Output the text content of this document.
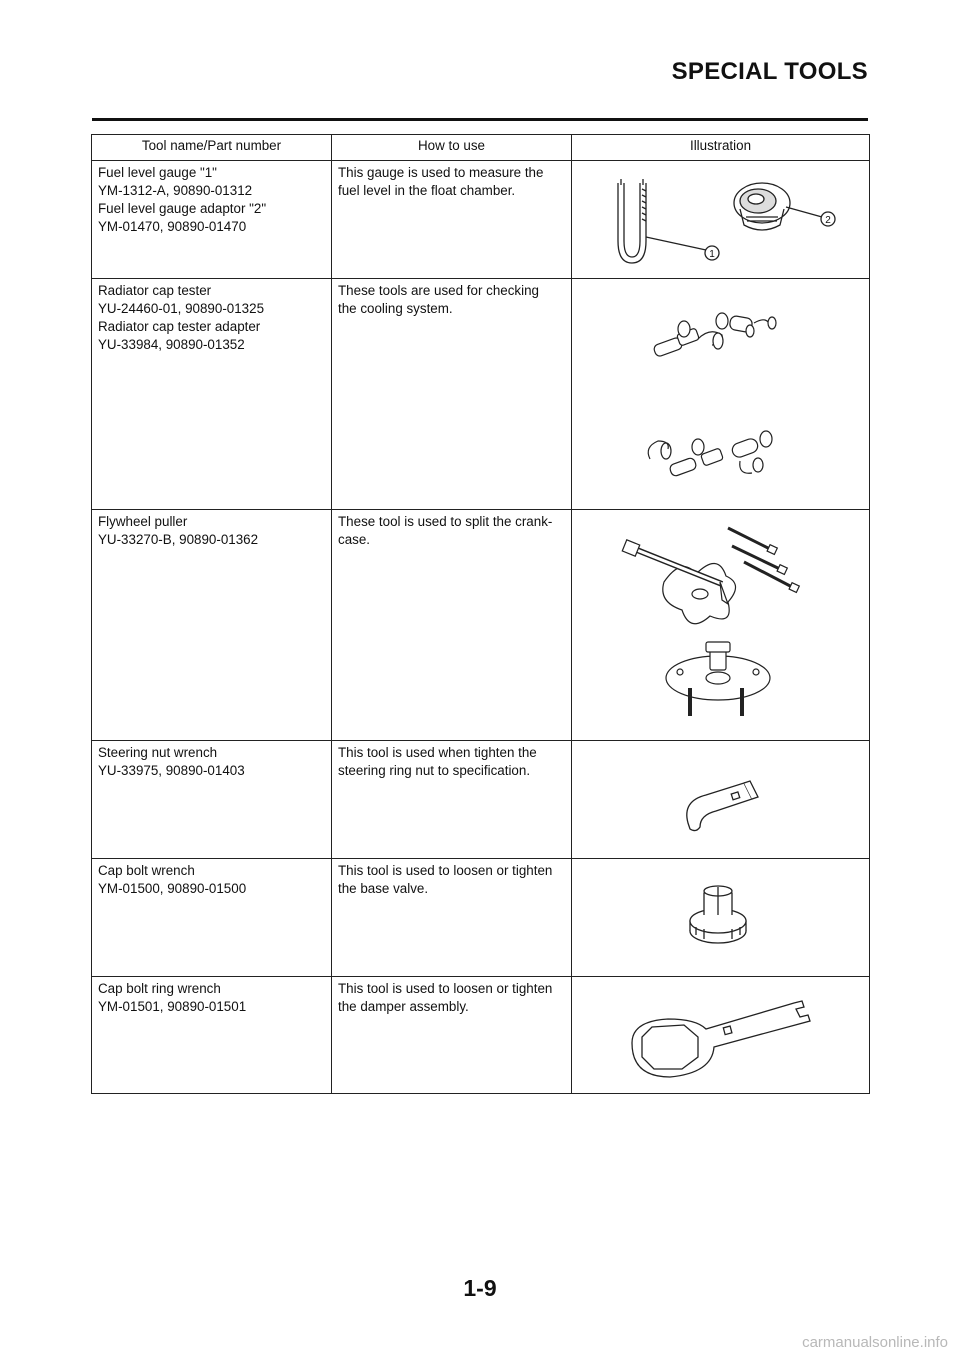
SPECIAL TOOLS
Tool name/Part number	How to use	Illustration

Fuel level gauge "1"
YM-1312-A, 90890-01312
Fuel level gauge adaptor "2"
YM-01470, 90890-01470	This gauge is used to measure the
fuel level in the float chamber.	1
2

Radiator cap tester
YU-24460-01, 90890-01325
Radiator cap tester adapter
YU-33984, 90890-01352	These tools are used for checking
the cooling system.

Flywheel puller
YU-33270-B, 90890-01362	These tool is used to split the crank-
case.

Steering nut wrench
YU-33975, 90890-01403	This tool is used when tighten the
steering ring nut to specification.

Cap bolt wrench
YM-01500, 90890-01500	This tool is used to loosen or tighten
the base valve.

Cap bolt ring wrench
YM-01501, 90890-01501	This tool is used to loosen or tighten
the damper assembly.

1-9
carmanualsonline.info
